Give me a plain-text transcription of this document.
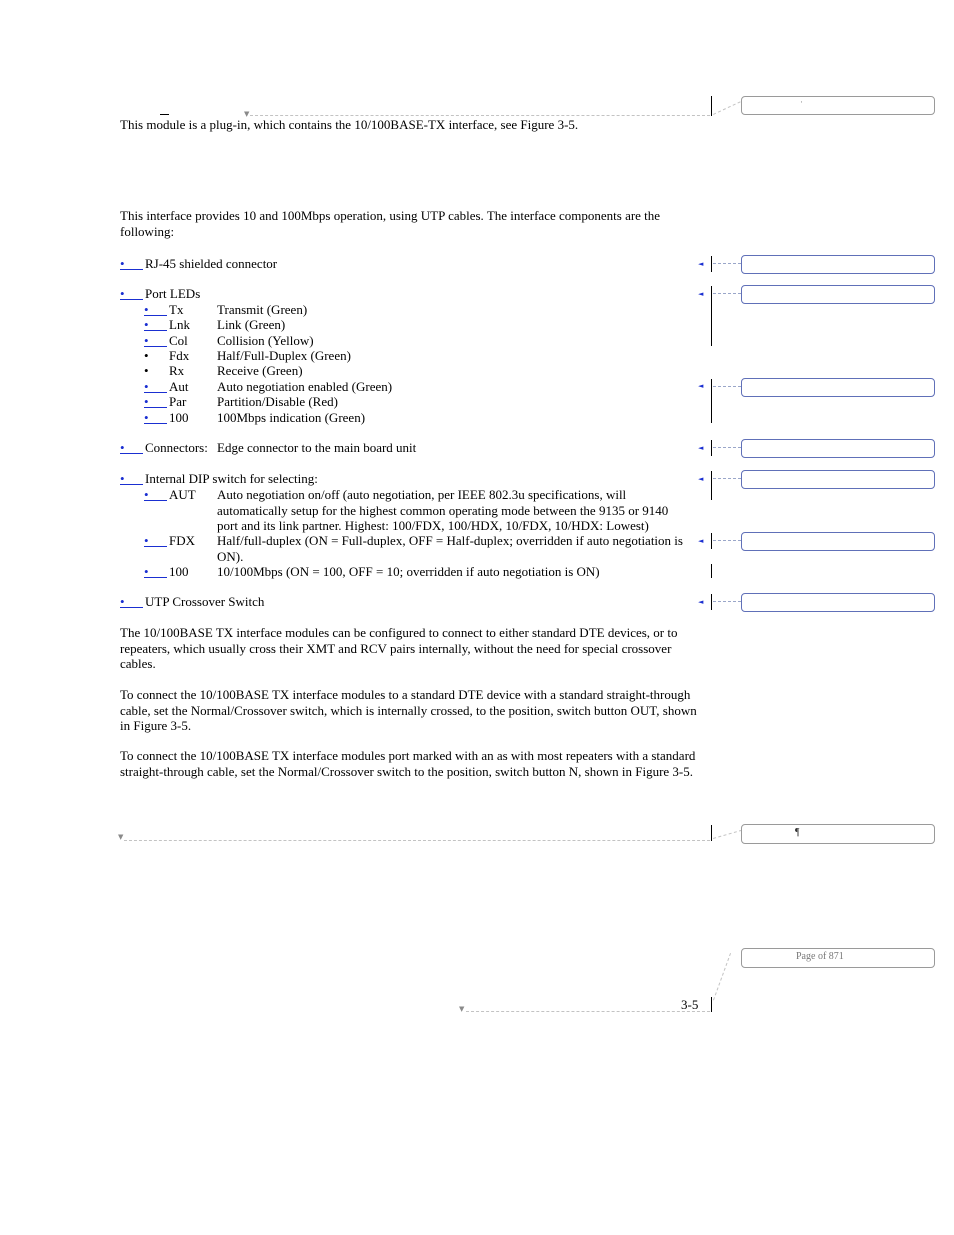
▼
·
This module is a plug-in, which contains the 10/100BASE-TX interface, see Figure 3-5.
This interface provides 10 and 100Mbps operation, using UTP cables. The interface components are the following:
•	RJ-45 shielded connector	◄
•	Port LEDs	◄
•	Tx	Transmit (Green)
•	Lnk Link (Green)
•	Col Collision (Yellow)
•	Fdx Half/Full-Duplex (Green)
•	Rx	Receive (Green)
•	Aut Auto negotiation enabled (Green)	◄
•	Par Partition/Disable (Red)
•	100 100Mbps indication (Green)
•	Connectors: Edge connector to the main board unit	◄
•	Internal DIP switch for selecting:	◄
•	AUT Auto negotiation on/off (auto negotiation, per IEEE 802.3u specifications, will automatically setup for the highest common operating mode between the 9135 or 9140 port and its link partner. Highest: 100/FDX, 100/HDX, 10/FDX, 10/HDX: Lowest)
•	FDX Half/full-duplex (ON = Full-duplex, OFF = Half-duplex; overridden if auto negotiation is ON).
◄
•	100 10/100Mbps (ON = 100, OFF = 10; overridden if auto negotiation is ON)
•	UTP Crossover Switch	◄
The 10/100BASE TX interface modules can be configured to connect to either standard DTE devices, or to repeaters, which usually cross their XMT and RCV pairs internally, without the need for special crossover cables.
To connect the 10/100BASE TX interface modules to a standard DTE device with a standard straight-through cable, set the Normal/Crossover switch, which is internally crossed, to the position, switch button OUT, shown in Figure 3-5.
To connect the 10/100BASE TX interface modules port marked with an as with most repeaters with a standard straight-through cable, set the Normal/Crossover switch to the position, switch button N, shown in Figure 3-5.
▼	¶
Page of 871
3-5
▼
